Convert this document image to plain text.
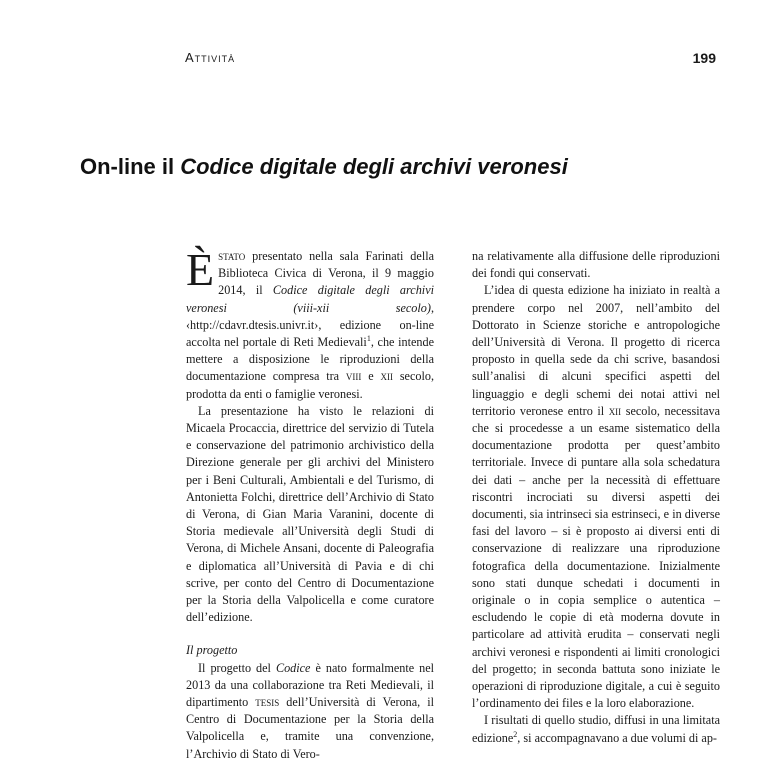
Attività	199
On-line il Codice digitale degli archivi veronesi

Èstato presentato nella sala Farinati della Biblioteca Civica di Verona, il 9 maggio 2014, il Codice digitale degli archivi veronesi (viii-xii secolo), ‹http://cdavr.dtesis.univr.it›, edizione on-line accolta nel portale di Reti Medievali$^1$, che intende mettere a disposizione le riproduzioni della documentazione compresa tra viii e xii secolo, prodotta da enti o famiglie veronesi.

La presentazione ha visto le relazioni di Micaela Procaccia, direttrice del servizio di Tutela e conservazione del patrimonio archivistico della Direzione generale per gli archivi del Ministero per i Beni Culturali, Ambientali e del Turismo, di Antonietta Folchi, direttrice dell’Archivio di Stato di Verona, di Gian Maria Varanini, docente di Storia medievale all’Università degli Studi di Verona, di Michele Ansani, docente di Paleografia e diplomatica all’Università di Pavia e di chi scrive, per conto del Centro di Documentazione per la Storia della Valpolicella e come curatore dell’edizione.

Il progetto

Il progetto del Codice è nato formalmente nel 2013 da una collaborazione tra Reti Medievali, il dipartimento tesis dell’Università di Verona, il Centro di Documentazione per la Storia della Valpolicella e, tramite una convenzione, l’Archivio di Stato di Vero-

na relativamente alla diffusione delle riproduzioni dei fondi qui conservati.

L’idea di questa edizione ha iniziato in realtà a prendere corpo nel 2007, nell’ambito del Dottorato in Scienze storiche e antropologiche dell’Università di Verona. Il progetto di ricerca proposto in quella sede da chi scrive, basandosi sull’analisi di alcuni specifici aspetti del linguaggio e degli schemi dei notai attivi nel territorio veronese entro il xii secolo, necessitava che si procedesse a un esame sistematico della documentazione prodotta per quest’ambito territoriale. Invece di puntare alla sola schedatura dei dati – anche per la necessità di effettuare riscontri incrociati su diversi aspetti dei documenti, sia intrinseci sia estrinseci, e in diverse fasi del lavoro – si è proposto ai diversi enti di conservazione di realizzare una riproduzione fotografica della documentazione. Inizialmente sono stati dunque schedati i documenti in originale o in copia semplice o autentica – escludendo le copie di età moderna dovute in particolare ad attività erudita – conservati negli archivi veronesi e rispondenti ai limiti cronologici del progetto; in seconda battuta sono iniziate le operazioni di riproduzione digitale, a cui è seguito l’ordinamento dei files e la loro elaborazione.

I risultati di quello studio, diffusi in una limitata edizione$^2$, si accompagnavano a due volumi di ap-
